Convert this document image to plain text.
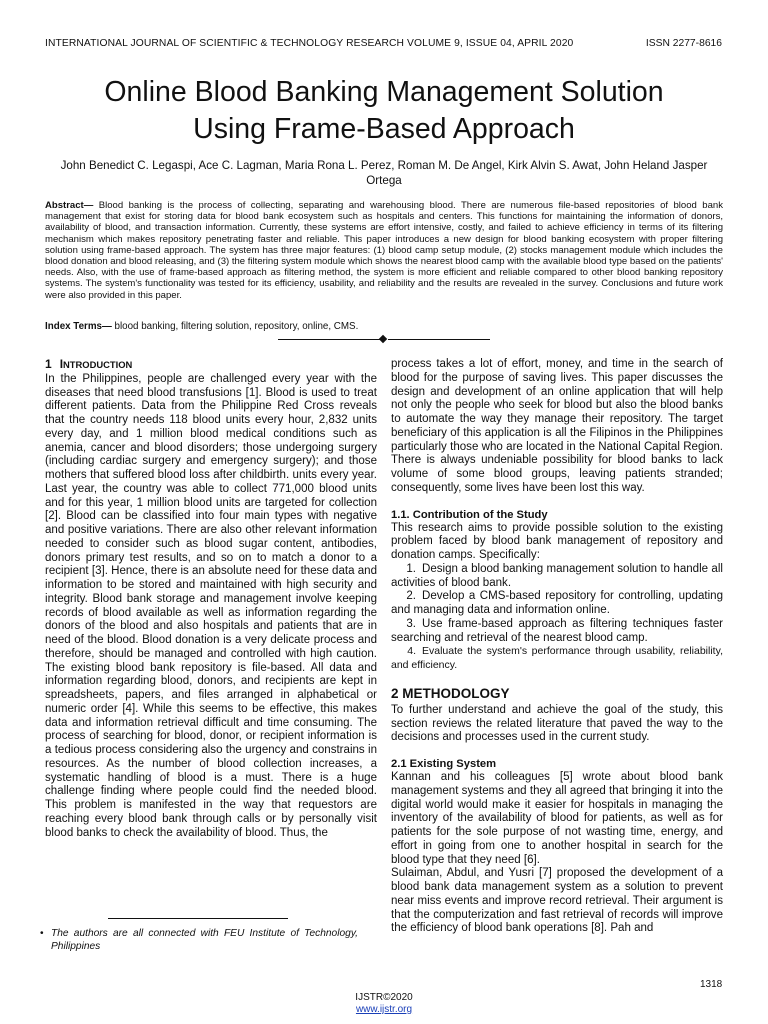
INTERNATIONAL JOURNAL OF SCIENTIFIC & TECHNOLOGY RESEARCH VOLUME 9, ISSUE 04, APRIL 2020	ISSN 2277-8616
Online Blood Banking Management Solution
Using Frame-Based Approach
John Benedict C. Legaspi, Ace C. Lagman, Maria Rona L. Perez, Roman M. De Angel, Kirk Alvin S. Awat, John Heland Jasper Ortega
Abstract— Blood banking is the process of collecting, separating and warehousing blood. There are numerous file-based repositories of blood bank management that exist for storing data for blood bank ecosystem such as hospitals and centers. This functions for maintaining the information of donors, availability of blood, and transaction information. Currently, these systems are effort intensive, costly, and failed to achieve efficiency in terms of its filtering mechanism which makes repository penetrating faster and reliable. This paper introduces a new design for blood banking ecosystem with proper filtering solution using frame-based approach. The system has three major features: (1) blood camp setup module, (2) stocks management module which includes the blood donation and blood releasing, and (3) the filtering system module which shows the nearest blood camp with the available blood type based on the patients' needs. Also, with the use of frame-based approach as filtering method, the system is more efficient and reliable compared to other blood banking repository systems. The system's functionality was tested for its efficiency, usability, and reliability and the results are revealed in the survey. Conclusions and future work were also provided in this paper.
Index Terms— blood banking, filtering solution, repository, online, CMS.
1 INTRODUCTION

In the Philippines, people are challenged every year with the diseases that need blood transfusions [1]. Blood is used to treat different patients. Data from the Philippine Red Cross reveals that the country needs 118 blood units every hour, 2,832 units every day, and 1 million blood medical conditions such as anemia, cancer and blood disorders; those undergoing surgery (including cardiac surgery and emergency surgery); and those mothers that suffered blood loss after childbirth. units every year. Last year, the country was able to collect 771,000 blood units and for this year, 1 million blood units are targeted for collection [2]. Blood can be classified into four main types with negative and positive variations. There are also other relevant information needed to consider such as blood sugar content, antibodies, donors primary test results, and so on to match a donor to a recipient [3]. Hence, there is an absolute need for these data and information to be stored and maintained with high security and integrity. Blood bank storage and management involve keeping records of blood available as well as information regarding the donors of the blood and also hospitals and patients that are in need of the blood. Blood donation is a very delicate process and therefore, should be managed and controlled with high caution. The existing blood bank repository is file-based. All data and information regarding blood, donors, and recipients are kept in spreadsheets, papers, and files arranged in alphabetical or numeric order [4]. While this seems to be effective, this makes data and information retrieval difficult and time consuming. The process of searching for blood, donor, or recipient information is a tedious process considering also the urgency and constrains in resources. As the number of blood collection increases, a systematic handling of blood is a must. There is a huge challenge finding where people could find the needed blood. This problem is manifested in the way that requestors are reaching every blood bank through calls or by personally visit blood banks to check the availability of blood. Thus, the

process takes a lot of effort, money, and time in the search of blood for the purpose of saving lives. This paper discusses the design and development of an online application that will help not only the people who seek for blood but also the blood banks to automate the way they manage their repository. The target beneficiary of this application is all the Filipinos in the Philippines particularly those who are located in the National Capital Region. There is always undeniable possibility for blood banks to lack volume of some blood groups, leaving patients stranded; consequently, some lives have been lost this way.

1.1. Contribution of the Study

This research aims to provide possible solution to the existing problem faced by blood bank management of repository and donation camps. Specifically:

1. Design a blood banking management solution to handle all activities of blood bank.

2. Develop a CMS-based repository for controlling, updating and managing data and information online.

3. Use frame-based approach as filtering techniques faster searching and retrieval of the nearest blood camp.

4. Evaluate the system's performance through usability, reliability, and efficiency.

2 METHODOLOGY

To further understand and achieve the goal of the study, this section reviews the related literature that paved the way to the decisions and processes used in the current study.

2.1 Existing System

Kannan and his colleagues [5] wrote about blood bank management systems and they all agreed that bringing it into the digital world would make it easier for hospitals in managing the inventory of the availability of blood for patients, as well as for patients for the sole purpose of not wasting time, energy, and effort in going from one to another hospital in search for the blood type that they need [6].

Sulaiman, Abdul, and Yusri [7] proposed the development of a blood bank data management system as a solution to prevent near miss events and improve record retrieval. Their argument is that the computerization and fast retrieval of records will improve the efficiency of blood bank operations [8]. Pah and

• The authors are all connected with FEU Institute of Technology, Philippines
1318
IJSTR©2020
www.ijstr.org
